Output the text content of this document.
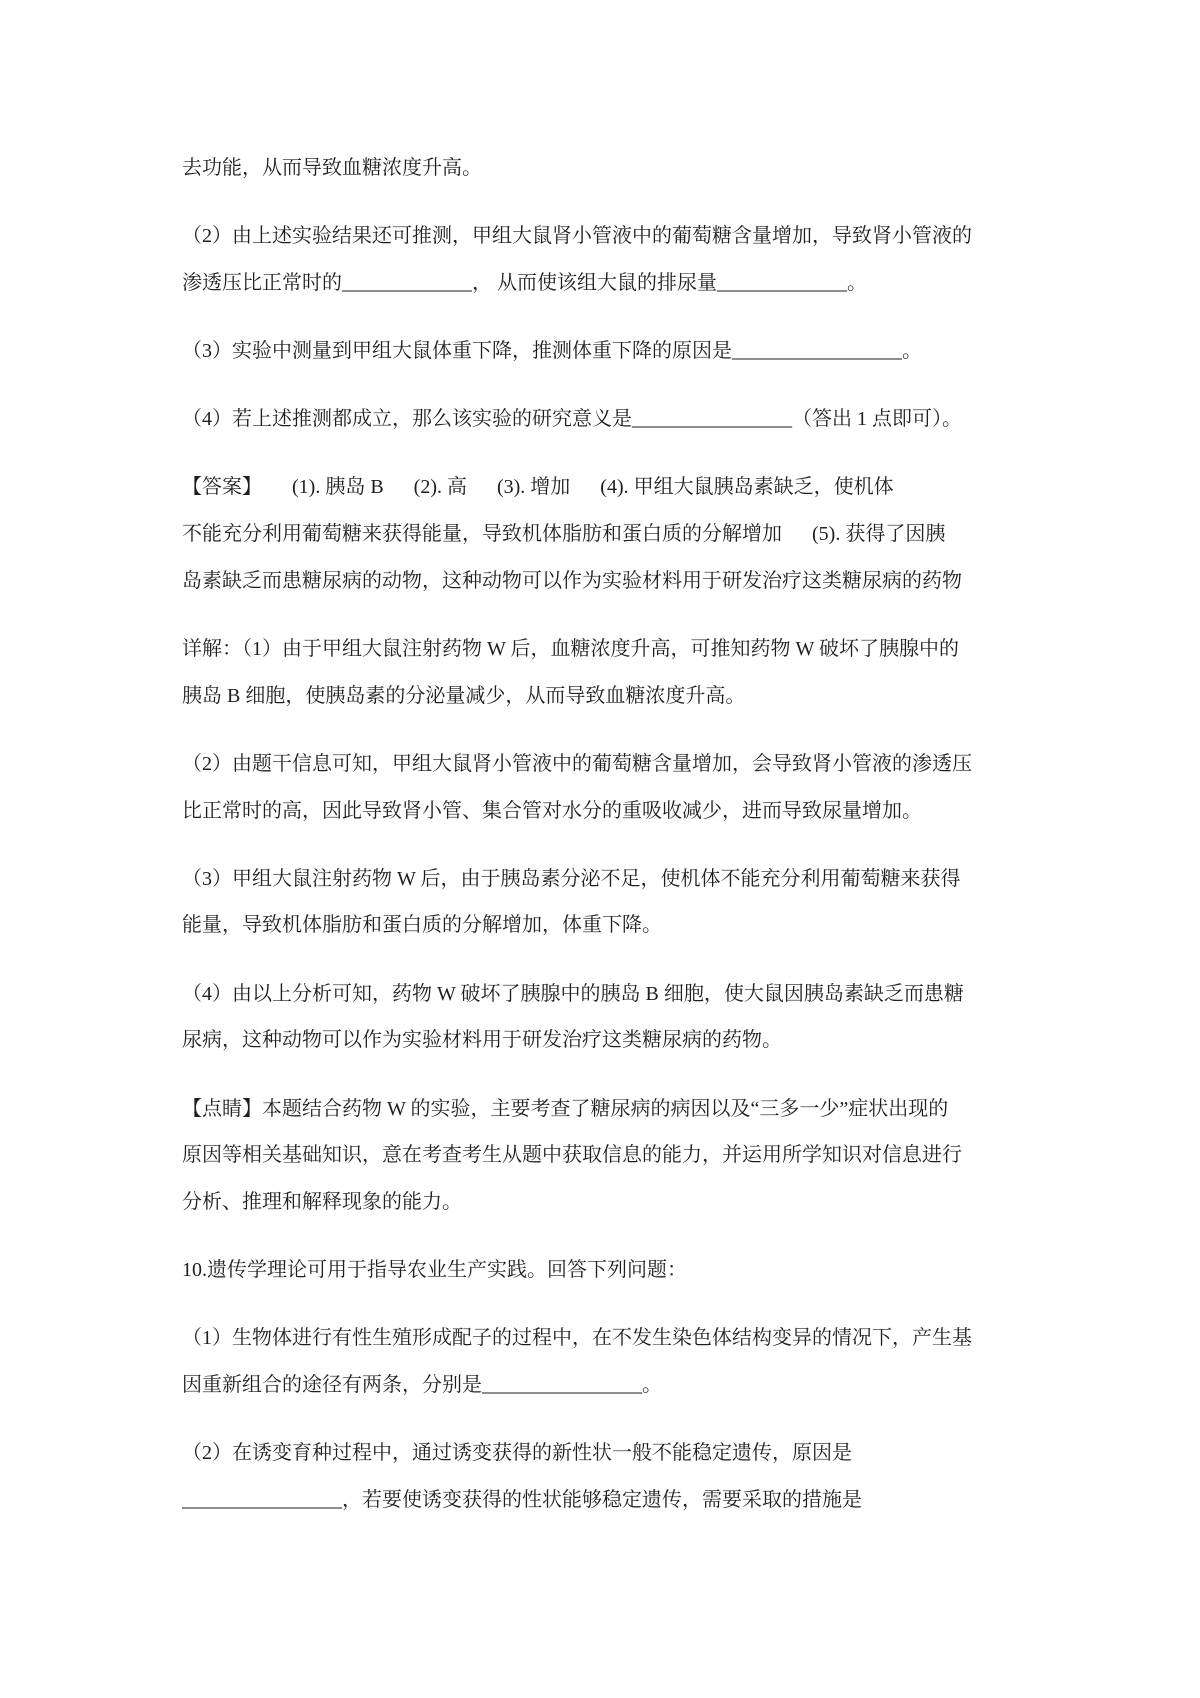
去功能，从而导致血糖浓度升高。
（2）由上述实验结果还可推测，甲组大鼠肾小管液中的葡萄糖含量增加，导致肾小管液的
渗透压比正常时的_____________， 从而使该组大鼠的排尿量_____________。
（3）实验中测量到甲组大鼠体重下降，推测体重下降的原因是_________________。
（4）若上述推测都成立，那么该实验的研究意义是________________（答出 1 点即可）。
【答案】      (1). 胰岛 B      (2). 高      (3). 增加      (4). 甲组大鼠胰岛素缺乏，使机体
不能充分利用葡萄糖来获得能量，导致机体脂肪和蛋白质的分解增加      (5). 获得了因胰
岛素缺乏而患糖尿病的动物，这种动物可以作为实验材料用于研发治疗这类糖尿病的药物
详解：（1）由于甲组大鼠注射药物 W 后，血糖浓度升高，可推知药物 W 破坏了胰腺中的
胰岛 B 细胞，使胰岛素的分泌量减少，从而导致血糖浓度升高。
（2）由题干信息可知，甲组大鼠肾小管液中的葡萄糖含量增加，会导致肾小管液的渗透压
比正常时的高，因此导致肾小管、集合管对水分的重吸收减少，进而导致尿量增加。
（3）甲组大鼠注射药物 W 后，由于胰岛素分泌不足，使机体不能充分利用葡萄糖来获得
能量，导致机体脂肪和蛋白质的分解增加，体重下降。
（4）由以上分析可知，药物 W 破坏了胰腺中的胰岛 B 细胞，使大鼠因胰岛素缺乏而患糖
尿病，这种动物可以作为实验材料用于研发治疗这类糖尿病的药物。
【点睛】本题结合药物 W 的实验，主要考查了糖尿病的病因以及“三多一少”症状出现的
原因等相关基础知识，意在考查考生从题中获取信息的能力，并运用所学知识对信息进行
分析、推理和解释现象的能力。
10.遗传学理论可用于指导农业生产实践。回答下列问题：
（1）生物体进行有性生殖形成配子的过程中，在不发生染色体结构变异的情况下，产生基
因重新组合的途径有两条，分别是________________。
（2）在诱变育种过程中，通过诱变获得的新性状一般不能稳定遗传，原因是
________________，若要使诱变获得的性状能够稳定遗传，需要采取的措施是
